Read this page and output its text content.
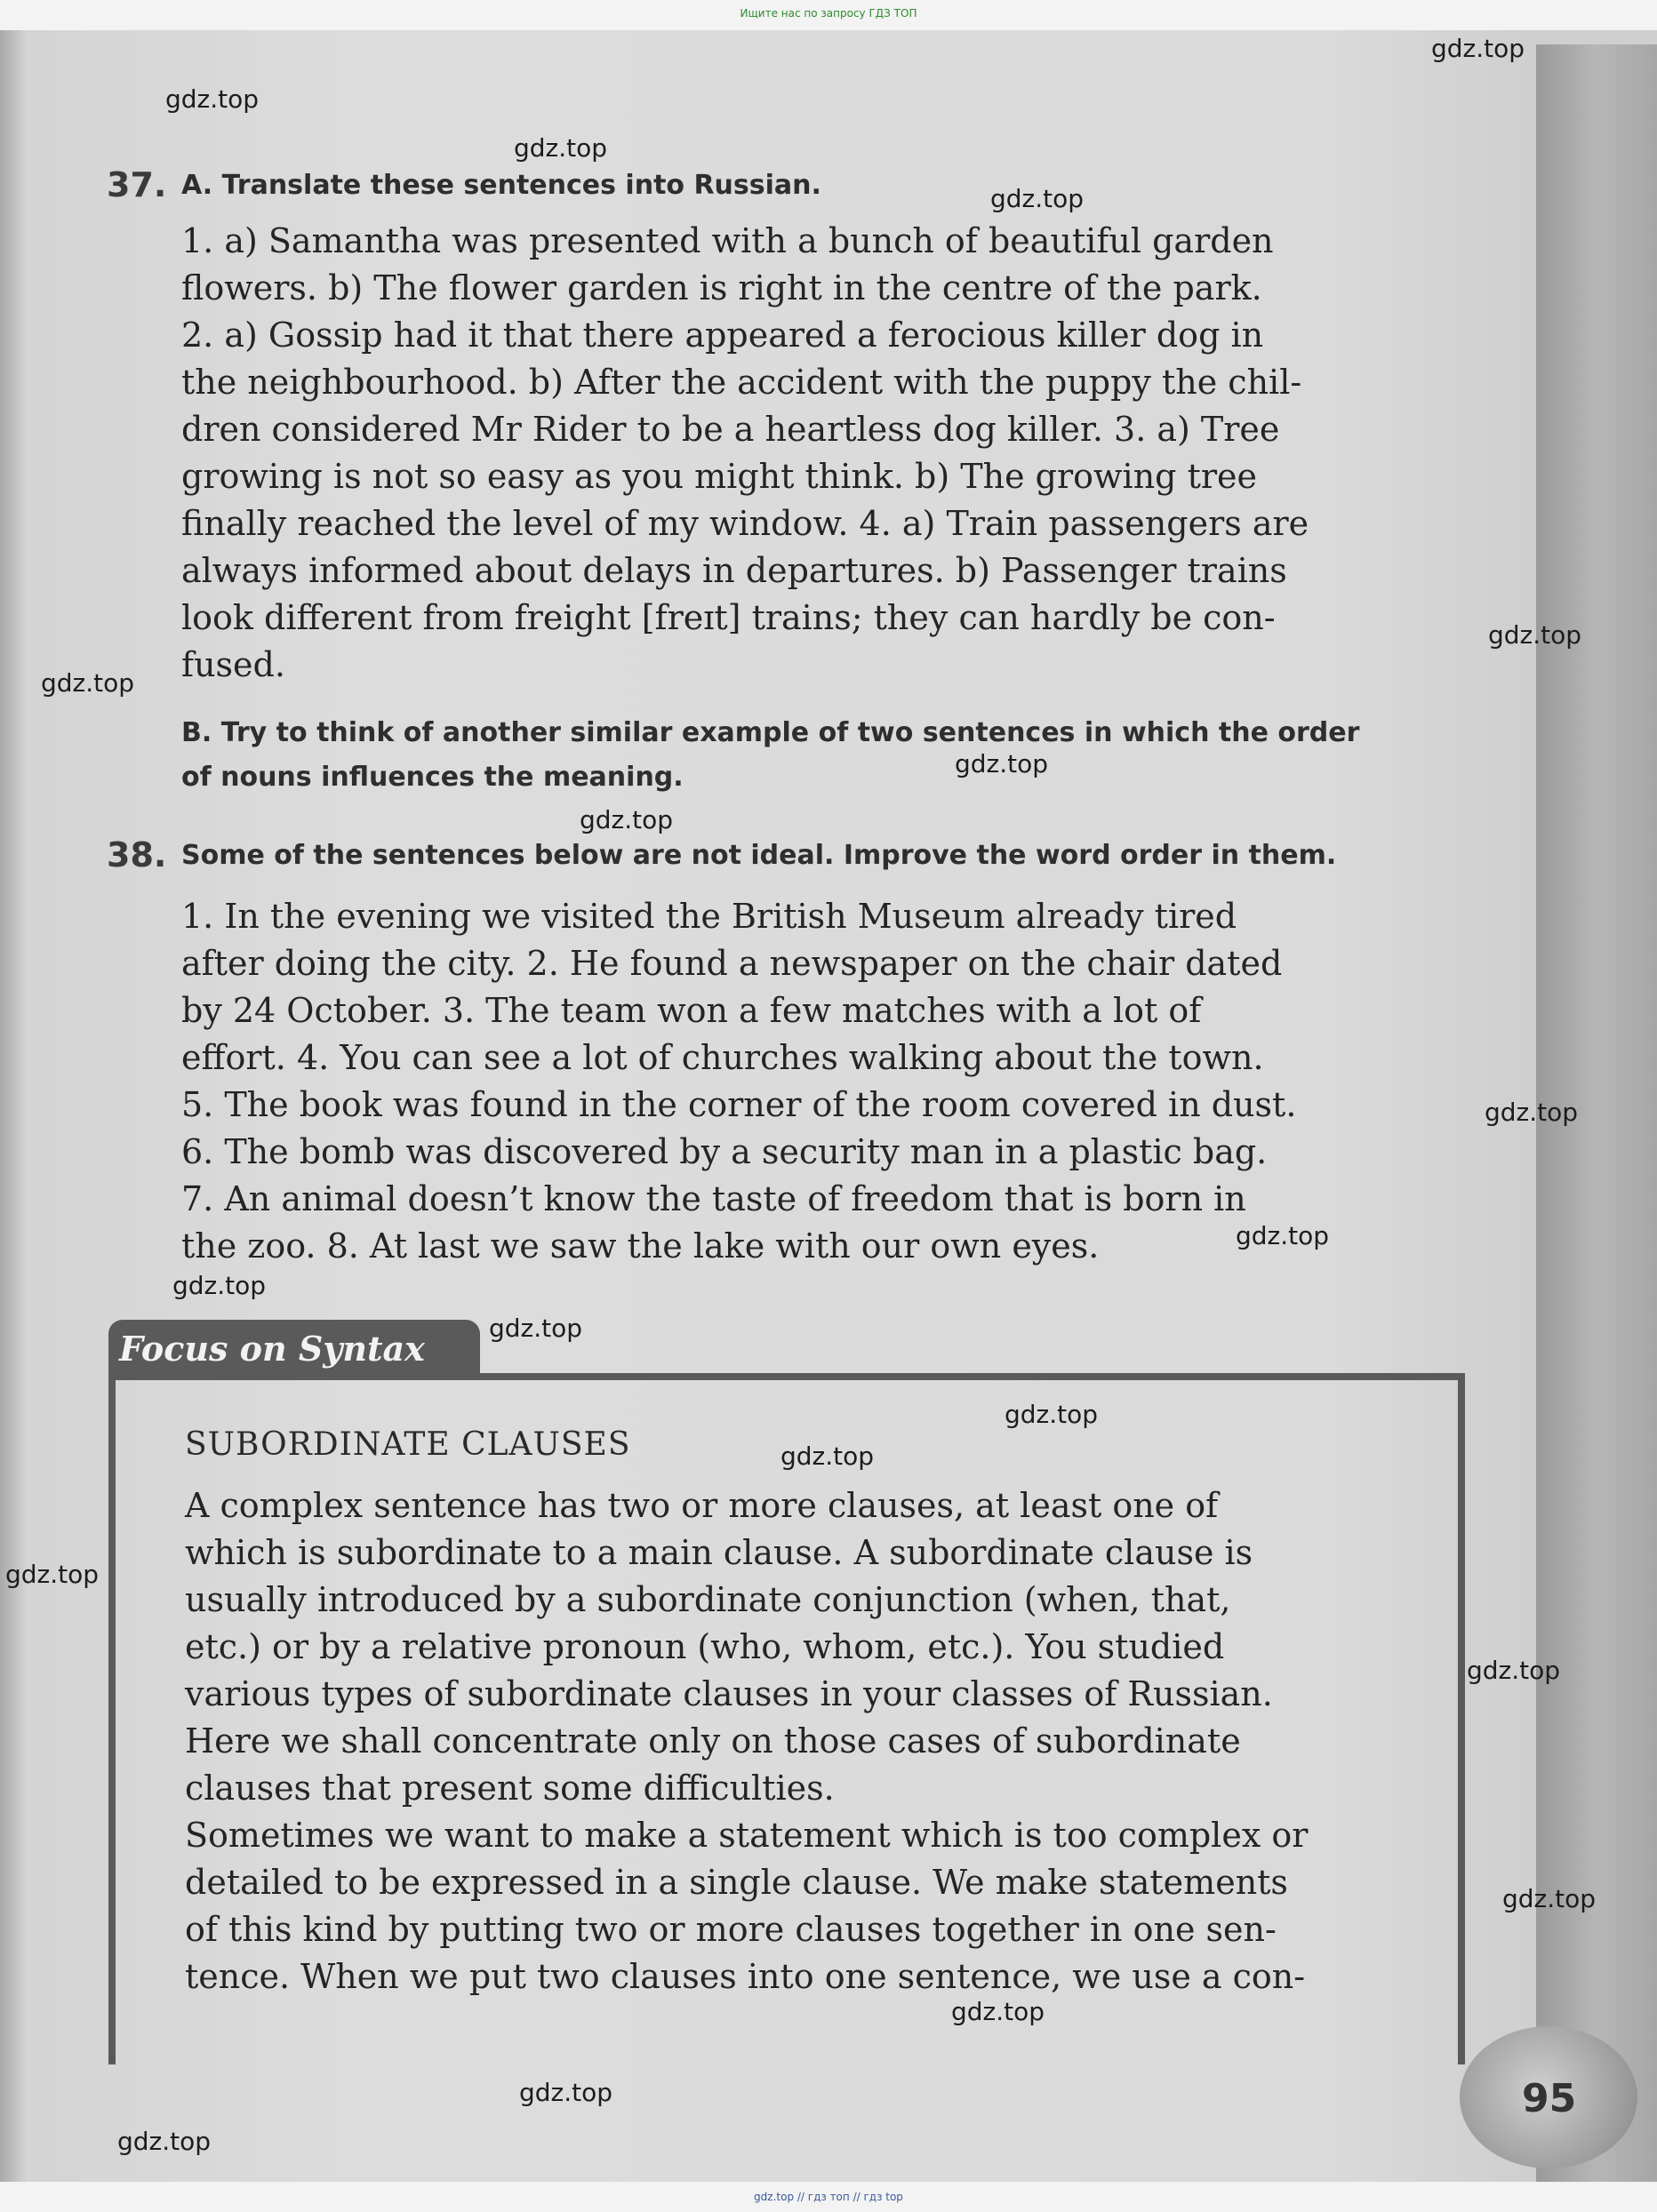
Ищите нас по запросу ГДЗ ТОП
37. A. Translate these sentences into Russian.
1. a) Samantha was presented with a bunch of beautiful garden
flowers. b) The flower garden is right in the centre of the park.
2. a) Gossip had it that there appeared a ferocious killer dog in
the neighbourhood. b) After the accident with the puppy the chil-
dren considered Mr Rider to be a heartless dog killer. 3. a) Tree
growing is not so easy as you might think. b) The growing tree
finally reached the level of my window. 4. a) Train passengers are
always informed about delays in departures. b) Passenger trains
look different from freight [freɪt] trains; they can hardly be con-
fused.
B. Try to think of another similar example of two sentences in which the order
of nouns influences the meaning.
38. Some of the sentences below are not ideal. Improve the word order in them.
1. In the evening we visited the British Museum already tired
after doing the city. 2. He found a newspaper on the chair dated
by 24 October. 3. The team won a few matches with a lot of
effort. 4. You can see a lot of churches walking about the town.
5. The book was found in the corner of the room covered in dust.
6. The bomb was discovered by a security man in a plastic bag.
7. An animal doesn’t know the taste of freedom that is born in
the zoo. 8. At last we saw the lake with our own eyes.
Focus on Syntax
SUBORDINATE CLAUSES
A complex sentence has two or more clauses, at least one of
which is subordinate to a main clause. A subordinate clause is
usually introduced by a subordinate conjunction (when, that,
etc.) or by a relative pronoun (who, whom, etc.). You studied
various types of subordinate clauses in your classes of Russian.
Here we shall concentrate only on those cases of subordinate
clauses that present some difficulties.
Sometimes we want to make a statement which is too complex or
detailed to be expressed in a single clause. We make statements
of this kind by putting two or more clauses together in one sen-
tence. When we put two clauses into one sentence, we use a con-
95
gdz.top
gdz.top
gdz.top
gdz.top
gdz.top
gdz.top
gdz.top
gdz.top
gdz.top
gdz.top
gdz.top
gdz.top
gdz.top
gdz.top
gdz.top
gdz.top
gdz.top
gdz.top
gdz.top
gdz.top
gdz.top // гдз топ // гдз top
